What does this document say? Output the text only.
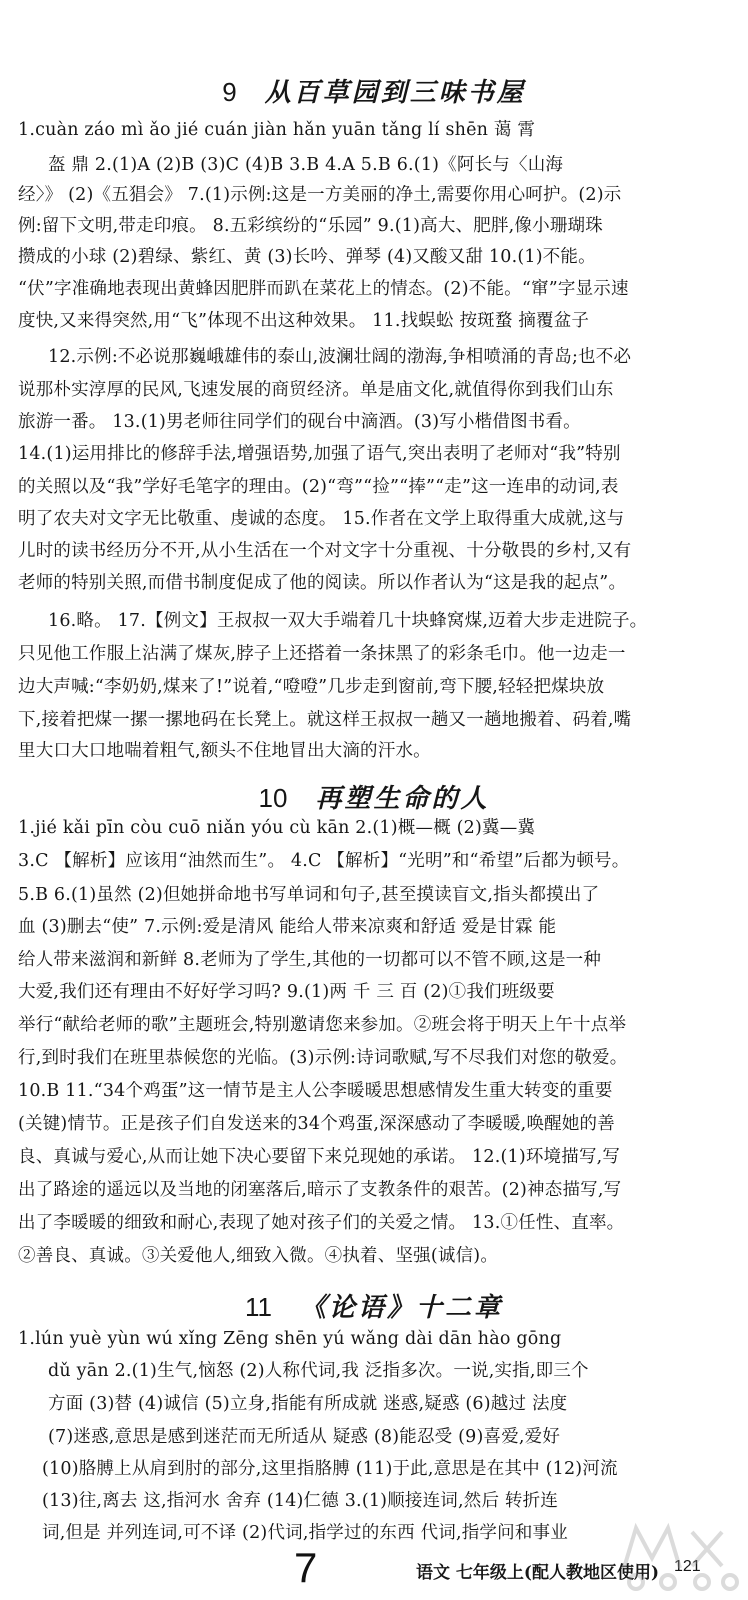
9 从百草园到三味书屋
1.cuàn záo mì ǎo jié cuán jiàn hǎn yuān tǎng lí shēn 蔼 霄
盔 鼎 2.(1)A (2)B (3)C (4)B 3.B 4.A 5.B 6.(1)《阿长与〈山海
经〉》 (2)《五猖会》 7.(1)示例:这是一方美丽的净土,需要你用心呵护。(2)示
例:留下文明,带走印痕。 8.五彩缤纷的“乐园” 9.(1)高大、肥胖,像小珊瑚珠
攒成的小球 (2)碧绿、紫红、黄 (3)长吟、弹琴 (4)又酸又甜 10.(1)不能。
“伏”字准确地表现出黄蜂因肥胖而趴在菜花上的情态。(2)不能。“窜”字显示速
度快,又来得突然,用“飞”体现不出这种效果。 11.找蜈蚣 按斑蝥 摘覆盆子
12.示例:不必说那巍峨雄伟的泰山,波澜壮阔的渤海,争相喷涌的青岛;也不必
说那朴实淳厚的民风,飞速发展的商贸经济。单是庙文化,就值得你到我们山东
旅游一番。 13.(1)男老师往同学们的砚台中滴酒。(3)写小楷借图书看。
14.(1)运用排比的修辞手法,增强语势,加强了语气,突出表明了老师对“我”特别
的关照以及“我”学好毛笔字的理由。(2)“弯”“捡”“捧”“走”这一连串的动词,表
明了农夫对文字无比敬重、虔诚的态度。 15.作者在文学上取得重大成就,这与
儿时的读书经历分不开,从小生活在一个对文字十分重视、十分敬畏的乡村,又有
老师的特别关照,而借书制度促成了他的阅读。所以作者认为“这是我的起点”。
16.略。 17.【例文】王叔叔一双大手端着几十块蜂窝煤,迈着大步走进院子。
只见他工作服上沾满了煤灰,脖子上还搭着一条抹黑了的彩条毛巾。他一边走一
边大声喊:“李奶奶,煤来了!”说着,“噔噔”几步走到窗前,弯下腰,轻轻把煤块放
下,接着把煤一摞一摞地码在长凳上。就这样王叔叔一趟又一趟地搬着、码着,嘴
里大口大口地喘着粗气,额头不住地冒出大滴的汗水。
10 再塑生命的人
1.jié kǎi pīn còu cuō niǎn yóu cù kān 2.(1)概—概 (2)冀—冀
3.C 【解析】应该用“油然而生”。 4.C 【解析】“光明”和“希望”后都为顿号。
5.B 6.(1)虽然 (2)但她拼命地书写单词和句子,甚至摸读盲文,指头都摸出了
血 (3)删去“使” 7.示例:爱是清风 能给人带来凉爽和舒适 爱是甘霖 能
给人带来滋润和新鲜 8.老师为了学生,其他的一切都可以不管不顾,这是一种
大爱,我们还有理由不好好学习吗? 9.(1)两 千 三 百 (2)①我们班级要
举行“献给老师的歌”主题班会,特别邀请您来参加。②班会将于明天上午十点举
行,到时我们在班里恭候您的光临。(3)示例:诗词歌赋,写不尽我们对您的敬爱。
10.B 11.“34个鸡蛋”这一情节是主人公李暖暖思想感情发生重大转变的重要
(关键)情节。正是孩子们自发送来的34个鸡蛋,深深感动了李暖暖,唤醒她的善
良、真诚与爱心,从而让她下决心要留下来兑现她的承诺。 12.(1)环境描写,写
出了路途的遥远以及当地的闭塞落后,暗示了支教条件的艰苦。(2)神态描写,写
出了李暖暖的细致和耐心,表现了她对孩子们的关爱之情。 13.①任性、直率。
②善良、真诚。③关爱他人,细致入微。④执着、坚强(诚信)。
11 《论语》十二章
1.lún yuè yùn wú xǐng Zēng shēn yú wǎng dài dān hào gōng
dǔ yān 2.(1)生气,恼怒 (2)人称代词,我 泛指多次。一说,实指,即三个
方面 (3)替 (4)诚信 (5)立身,指能有所成就 迷惑,疑惑 (6)越过 法度
(7)迷惑,意思是感到迷茫而无所适从 疑惑 (8)能忍受 (9)喜爱,爱好
(10)胳膊上从肩到肘的部分,这里指胳膊 (11)于此,意思是在其中 (12)河流
(13)往,离去 这,指河水 舍弃 (14)仁德 3.(1)顺接连词,然后 转折连
词,但是 并列连词,可不译 (2)代词,指学过的东西 代词,指学问和事业
7	语文 七年级上(配人教地区使用) 121
